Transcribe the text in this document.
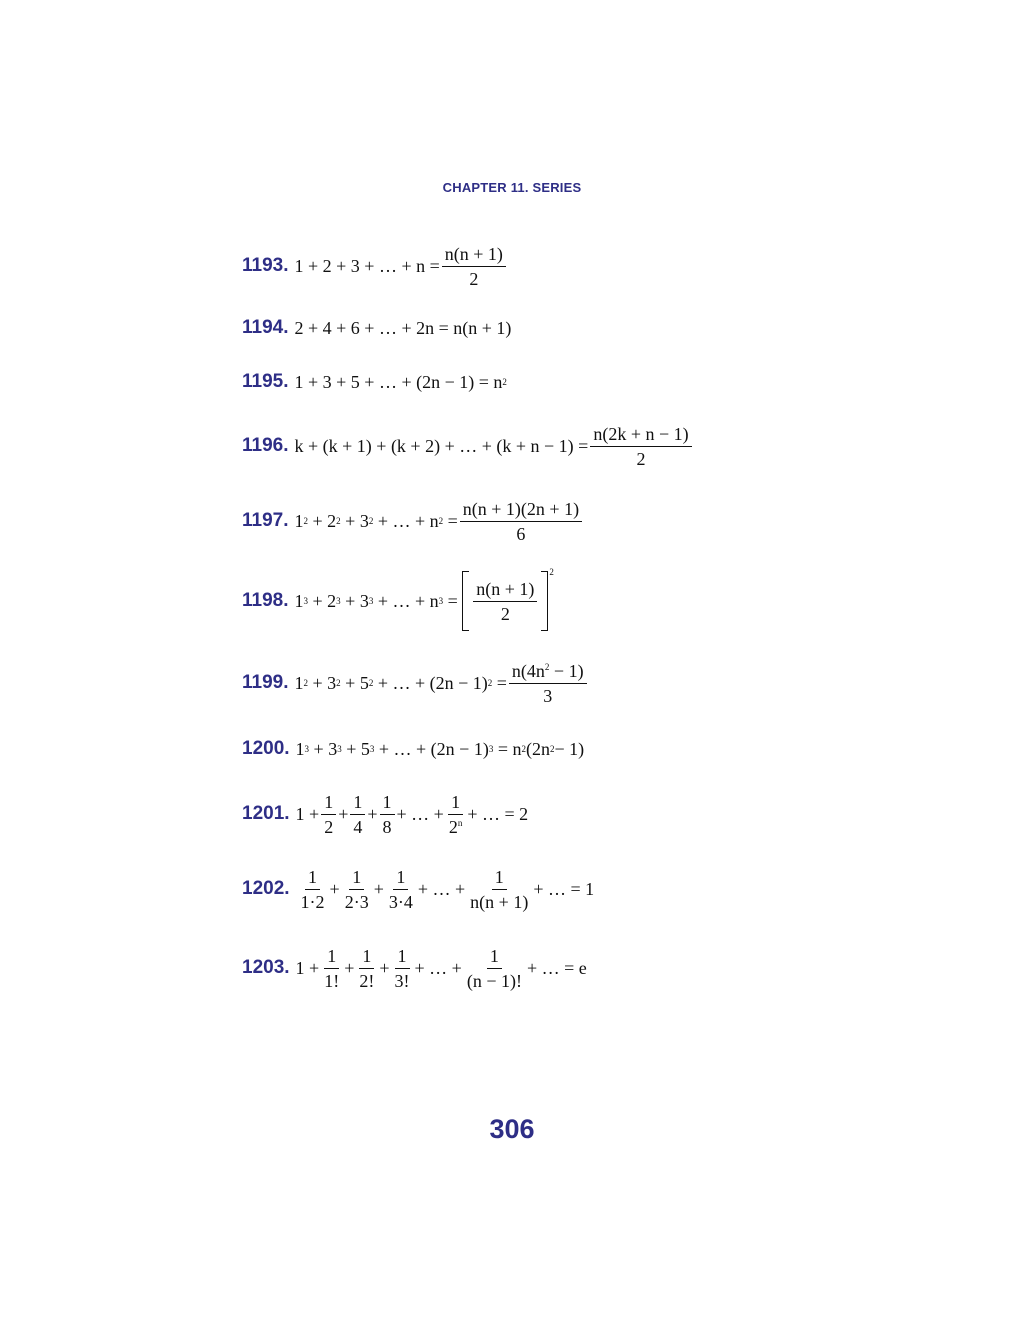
CHAPTER 11. SERIES
1193. 1 + 2 + 3 + … + $n = \frac{n(n + 1)}{2}$
1194. 2 + 4 + 6 + … + 2n = n(n + 1)
1195. 1 + 3 + 5 + … + (2n − 1) = n 2
1196. k + (k + 1) + (k + 2) + … + $(k + n - 1) = \frac{n(2k + n - 1)}{2}$
1197. 1 2 + 2 2 + 3 2 + … + n $2 = \frac{n(n + 1)(2n + 1)}{6}$
1198. 1 3 + 2 3 + 3 3 + … + n $3 = \frac{n(n + 1)}{2}$
2
1199. 1 2 + 3 2 + 5 2 + … + (2n − 1) $2 = \frac{n(4n^2 - 1)}{3}$
1200. 1 3 + 3 3 + 5 3 + … + (2n − 1) 3 = n 2 (2n 2 − 1)
1201. $1 + \frac{1}{2} + \frac{1}{4} + \frac{1}{8}$ + … + $\frac{1}{2^n}$ + … = 2
1202. $\frac{1}{1\cdot 2} + \frac{1}{2\cdot 3} + \frac{1}{3\cdot 4}$ + … + $\frac{1}{n(n + 1)}$ + … = 1
1203. $1 + \frac{1}{1!} + \frac{1}{2!} + \frac{1}{3!}$ + … + $\frac{1}{(n - 1)!}$ + … = e
306
